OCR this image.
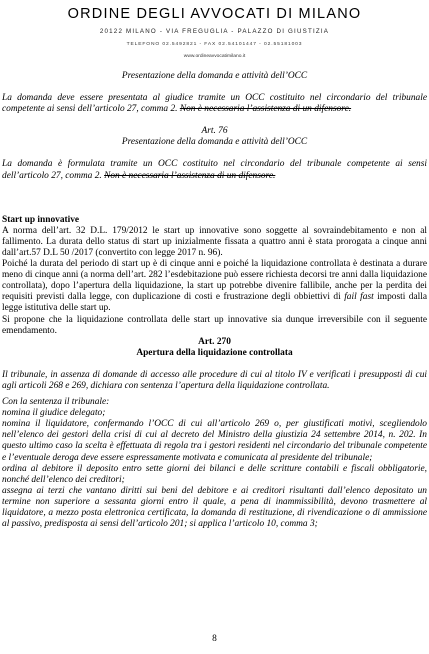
ORDINE DEGLI AVVOCATI DI MILANO
20122 MILANO - VIA FREGUGLIA - PALAZZO DI GIUSTIZIA
TELEFONO 02.5492821 - FAX 02.54101447 - 02.55181003
www.ordineavvocatimilano.it

Presentazione della domanda e attività dell’OCC

La domanda deve essere presentata al giudice tramite un OCC costituito nel circondario del tribunale competente ai sensi dell’articolo 27, comma 2. Non è necessaria l’assistenza di un difensore.

Art. 76

Presentazione della domanda e attività dell’OCC

La domanda è formulata tramite un OCC costituito nel circondario del tribunale competente ai sensi dell’articolo 27, comma 2. Non è necessaria l’assistenza di un difensore.

Start up innovative

A norma dell’art. 32 D.L. 179/2012 le start up innovative sono soggette al sovraindebitamento e non al fallimento. La durata dello status di start up inizialmente fissata a quattro anni è stata prorogata a cinque anni dall’art.57 D.L 50 /2017 (convertito con legge 2017 n. 96).

Poiché la durata del periodo di start up è di cinque anni e poiché la liquidazione controllata è destinata a durare meno di cinque anni (a norma dell’art. 282 l’esdebitazione può essere richiesta decorsi tre anni dalla liquidazione controllata), dopo l’apertura della liquidazione, la start up potrebbe divenire fallibile, anche per la perdita dei requisiti previsti dalla legge, con duplicazione di costi e frustrazione degli obbiettivi di fail fast imposti dalla legge istitutiva delle start up.

Si propone che la liquidazione controllata delle start up innovative sia dunque irreversibile con il seguente emendamento.

Art. 270

Apertura della liquidazione controllata

Il tribunale, in assenza di domande di accesso alle procedure di cui al titolo IV e verificati i presupposti di cui agli articoli 268 e 269, dichiara con sentenza l’apertura della liquidazione controllata.

Con la sentenza il tribunale:

nomina il giudice delegato;

nomina il liquidatore, confermando l’OCC di cui all’articolo 269 o, per giustificati motivi, scegliendolo nell’elenco dei gestori della crisi di cui al decreto del Ministro della giustizia 24 settembre 2014, n. 202. In questo ultimo caso la scelta è effettuata di regola tra i gestori residenti nel circondario del tribunale competente e l’eventuale deroga deve essere espressamente motivata e comunicata al presidente del tribunale;

ordina al debitore il deposito entro sette giorni dei bilanci e delle scritture contabili e fiscali obbligatorie, nonché dell’elenco dei creditori;

assegna ai terzi che vantano diritti sui beni del debitore e ai creditori risultanti dall’elenco depositato un termine non superiore a sessanta giorni entro il quale, a pena di inammissibilità, devono trasmettere al liquidatore, a mezzo posta elettronica certificata, la domanda di restituzione, di rivendicazione o di ammissione al passivo, predisposta ai sensi dell’articolo 201; si applica l’articolo 10, comma 3;

8
